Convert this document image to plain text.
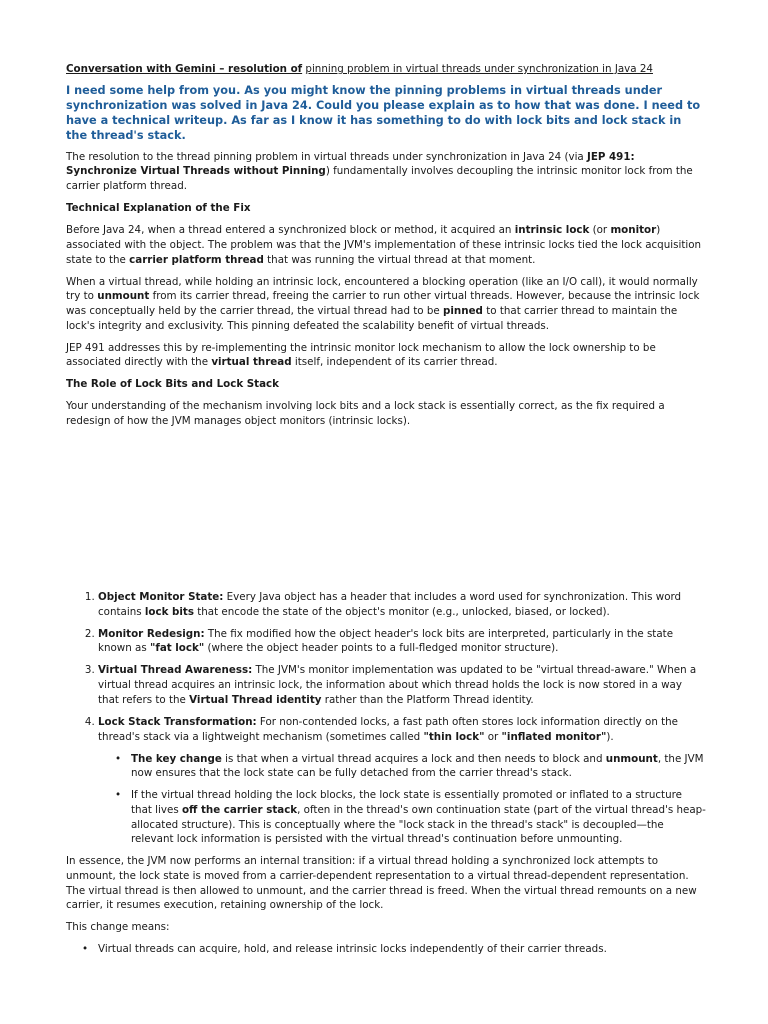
Conversation with Gemini – resolution of pinning problem in virtual threads under synchronization in Java 24

I need some help from you. As you might know the pinning problems in virtual threads under synchronization was solved in Java 24. Could you please explain as to how that was done. I need to have a technical writeup. As far as I know it has something to do with lock bits and lock stack in the thread's stack.

The resolution to the thread pinning problem in virtual threads under synchronization in Java 24 (via JEP 491: Synchronize Virtual Threads without Pinning) fundamentally involves decoupling the intrinsic monitor lock from the carrier platform thread.

Technical Explanation of the Fix

Before Java 24, when a thread entered a synchronized block or method, it acquired an intrinsic lock (or monitor) associated with the object. The problem was that the JVM's implementation of these intrinsic locks tied the lock acquisition state to the carrier platform thread that was running the virtual thread at that moment.

When a virtual thread, while holding an intrinsic lock, encountered a blocking operation (like an I/O call), it would normally try to unmount from its carrier thread, freeing the carrier to run other virtual threads. However, because the intrinsic lock was conceptually held by the carrier thread, the virtual thread had to be pinned to that carrier thread to maintain the lock's integrity and exclusivity. This pinning defeated the scalability benefit of virtual threads.

JEP 491 addresses this by re-implementing the intrinsic monitor lock mechanism to allow the lock ownership to be associated directly with the virtual thread itself, independent of its carrier thread.

The Role of Lock Bits and Lock Stack

Your understanding of the mechanism involving lock bits and a lock stack is essentially correct, as the fix required a redesign of how the JVM manages object monitors (intrinsic locks).

1. Object Monitor State: Every Java object has a header that includes a word used for synchronization. This word contains lock bits that encode the state of the object's monitor (e.g., unlocked, biased, or locked).
2. Monitor Redesign: The fix modified how the object header's lock bits are interpreted, particularly in the state known as "fat lock" (where the object header points to a full-fledged monitor structure).
3. Virtual Thread Awareness: The JVM's monitor implementation was updated to be "virtual thread-aware." When a virtual thread acquires an intrinsic lock, the information about which thread holds the lock is now stored in a way that refers to the Virtual Thread identity rather than the Platform Thread identity.
4. Lock Stack Transformation: For non-contended locks, a fast path often stores lock information directly on the thread's stack via a lightweight mechanism (sometimes called "thin lock" or "inflated monitor").
• The key change is that when a virtual thread acquires a lock and then needs to block and unmount, the JVM now ensures that the lock state can be fully detached from the carrier thread's stack.
• If the virtual thread holding the lock blocks, the lock state is essentially promoted or inflated to a structure that lives off the carrier stack, often in the thread's own continuation state (part of the virtual thread's heap-allocated structure). This is conceptually where the "lock stack in the thread's stack" is decoupled—the relevant lock information is persisted with the virtual thread's continuation before unmounting.

In essence, the JVM now performs an internal transition: if a virtual thread holding a synchronized lock attempts to unmount, the lock state is moved from a carrier-dependent representation to a virtual thread-dependent representation. The virtual thread is then allowed to unmount, and the carrier thread is freed. When the virtual thread remounts on a new carrier, it resumes execution, retaining ownership of the lock.

This change means:

• Virtual threads can acquire, hold, and release intrinsic locks independently of their carrier threads.
